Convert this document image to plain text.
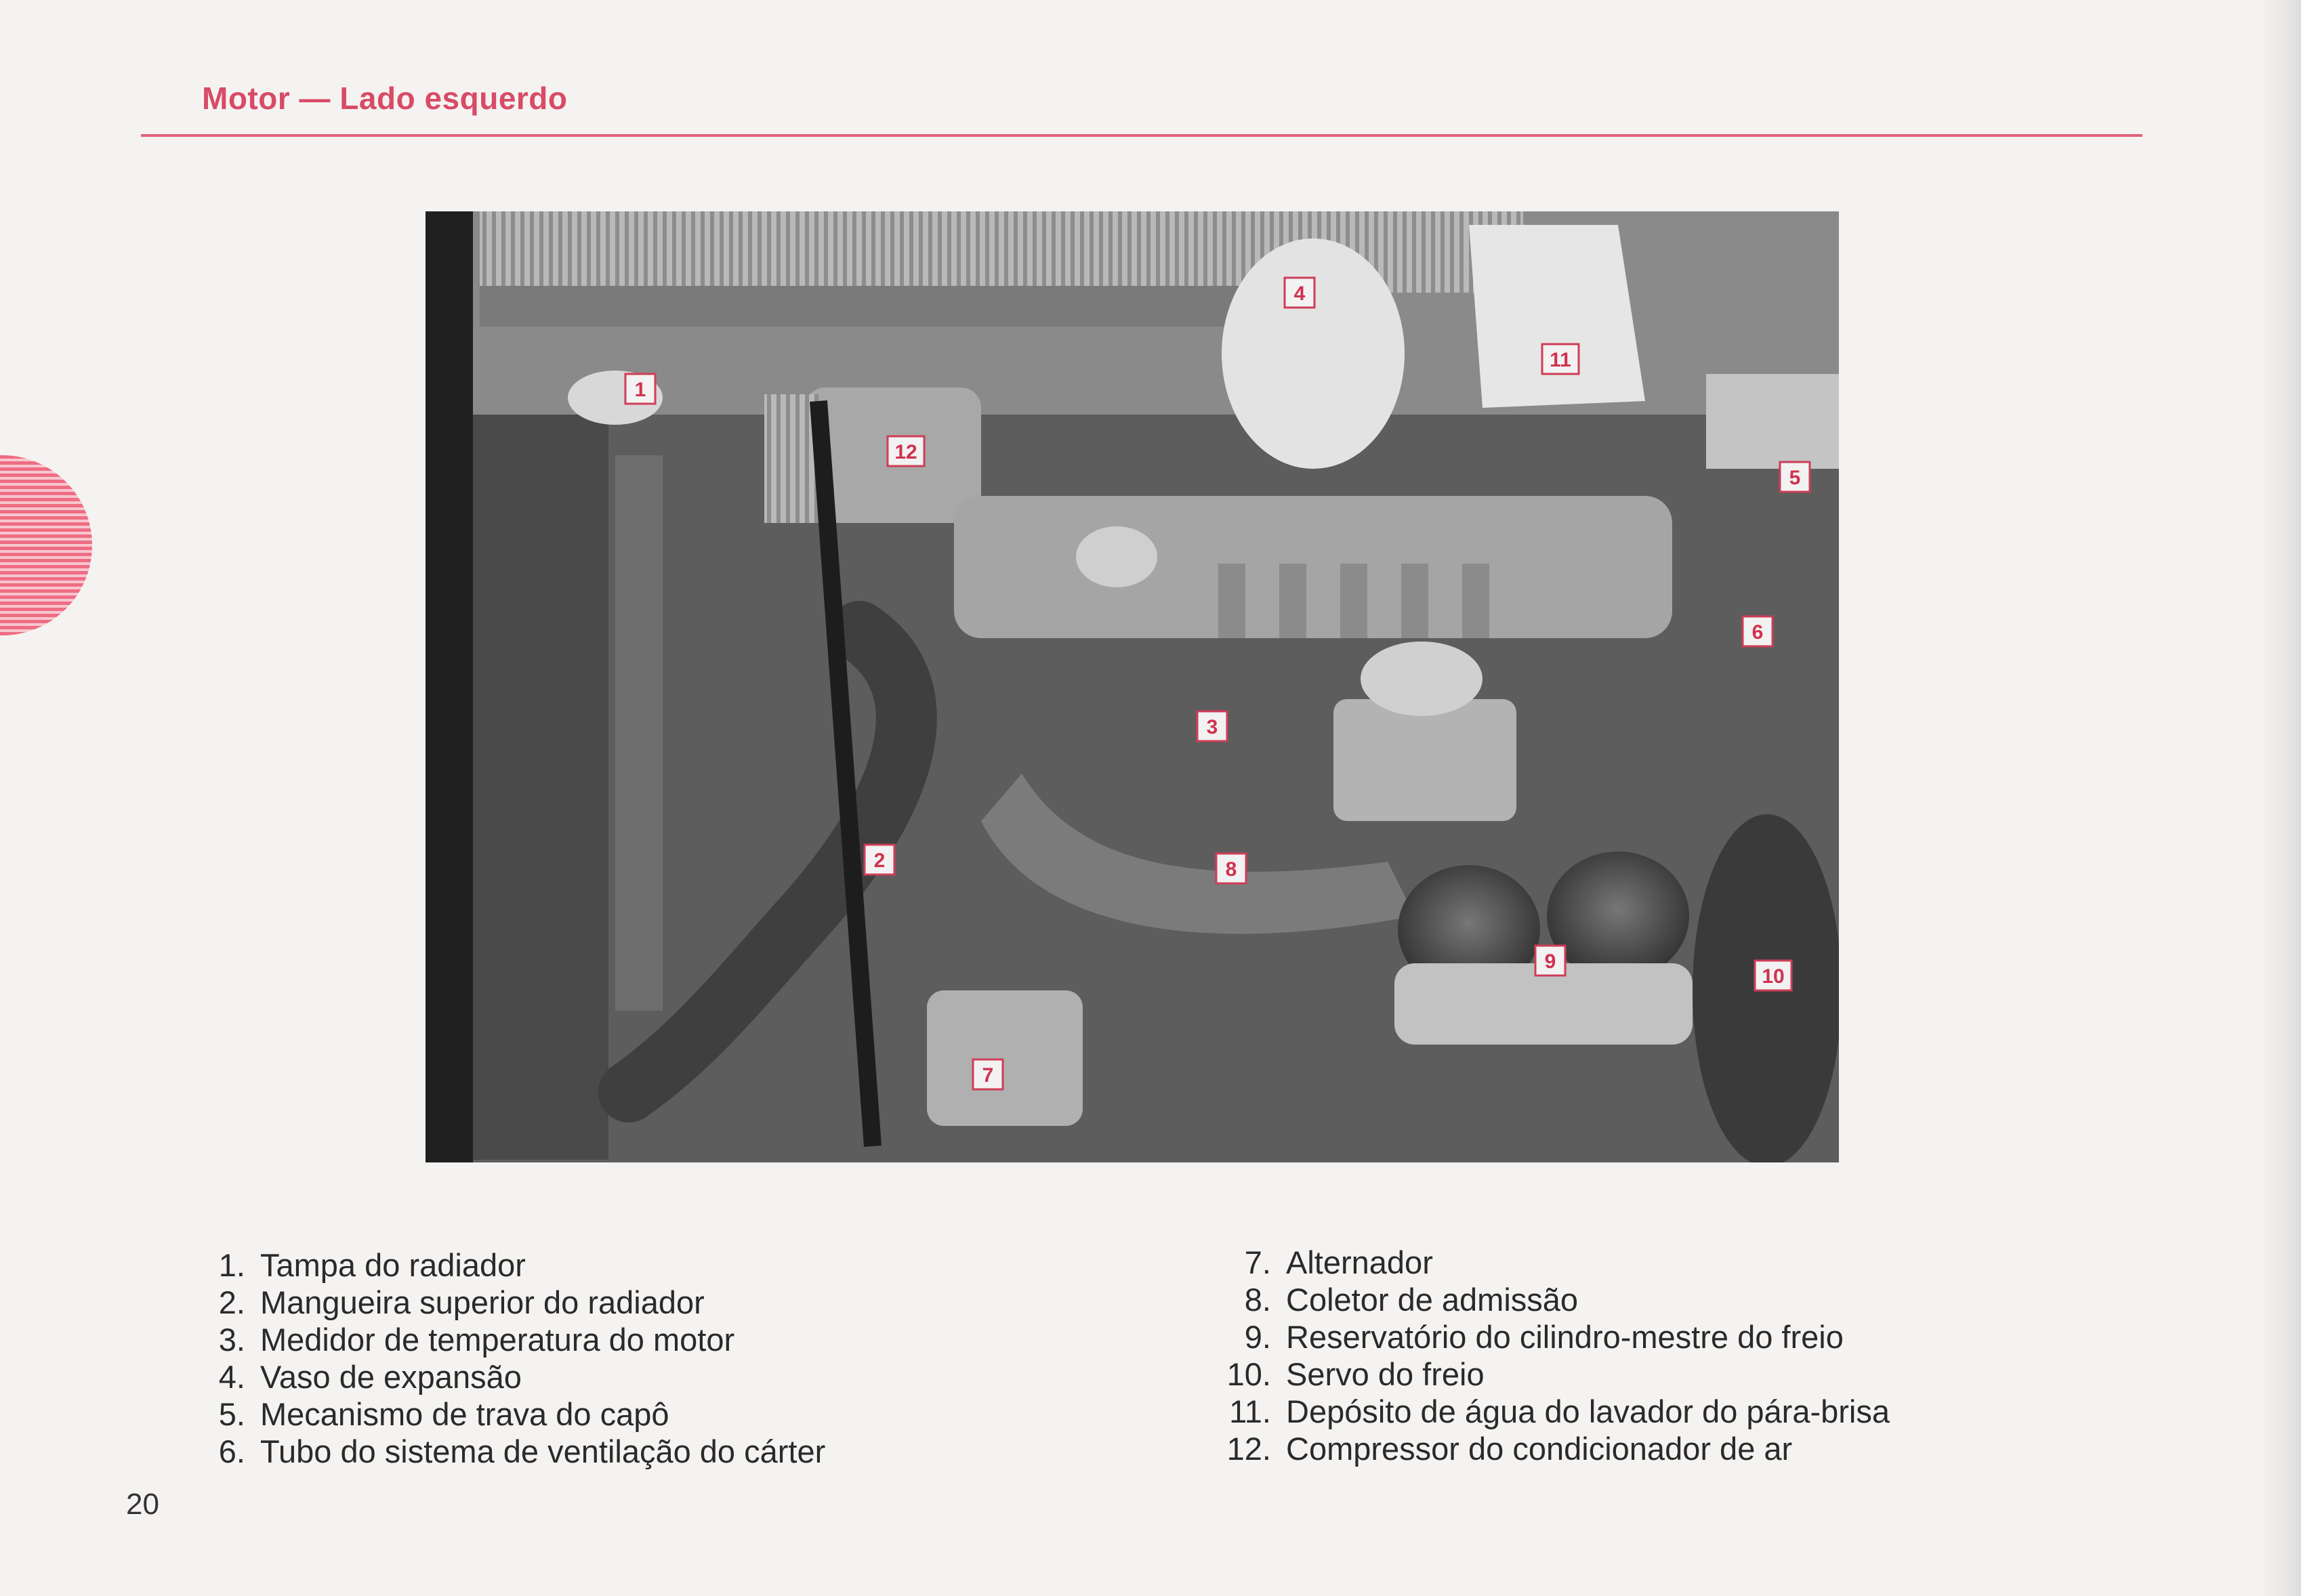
Motor — Lado esquerdo
1
2
3
4
5
6
7
8
9
10
11
12
1. Tampa do radiador
2. Mangueira superior do radiador
3. Medidor de temperatura do motor
4. Vaso de expansão
5. Mecanismo de trava do capô
6. Tubo do sistema de ventilação do cárter
7. Alternador
8. Coletor de admissão
9. Reservatório do cilindro-mestre do freio
10. Servo do freio
11. Depósito de água do lavador do pára-brisa
12. Compressor do condicionador de ar
20
